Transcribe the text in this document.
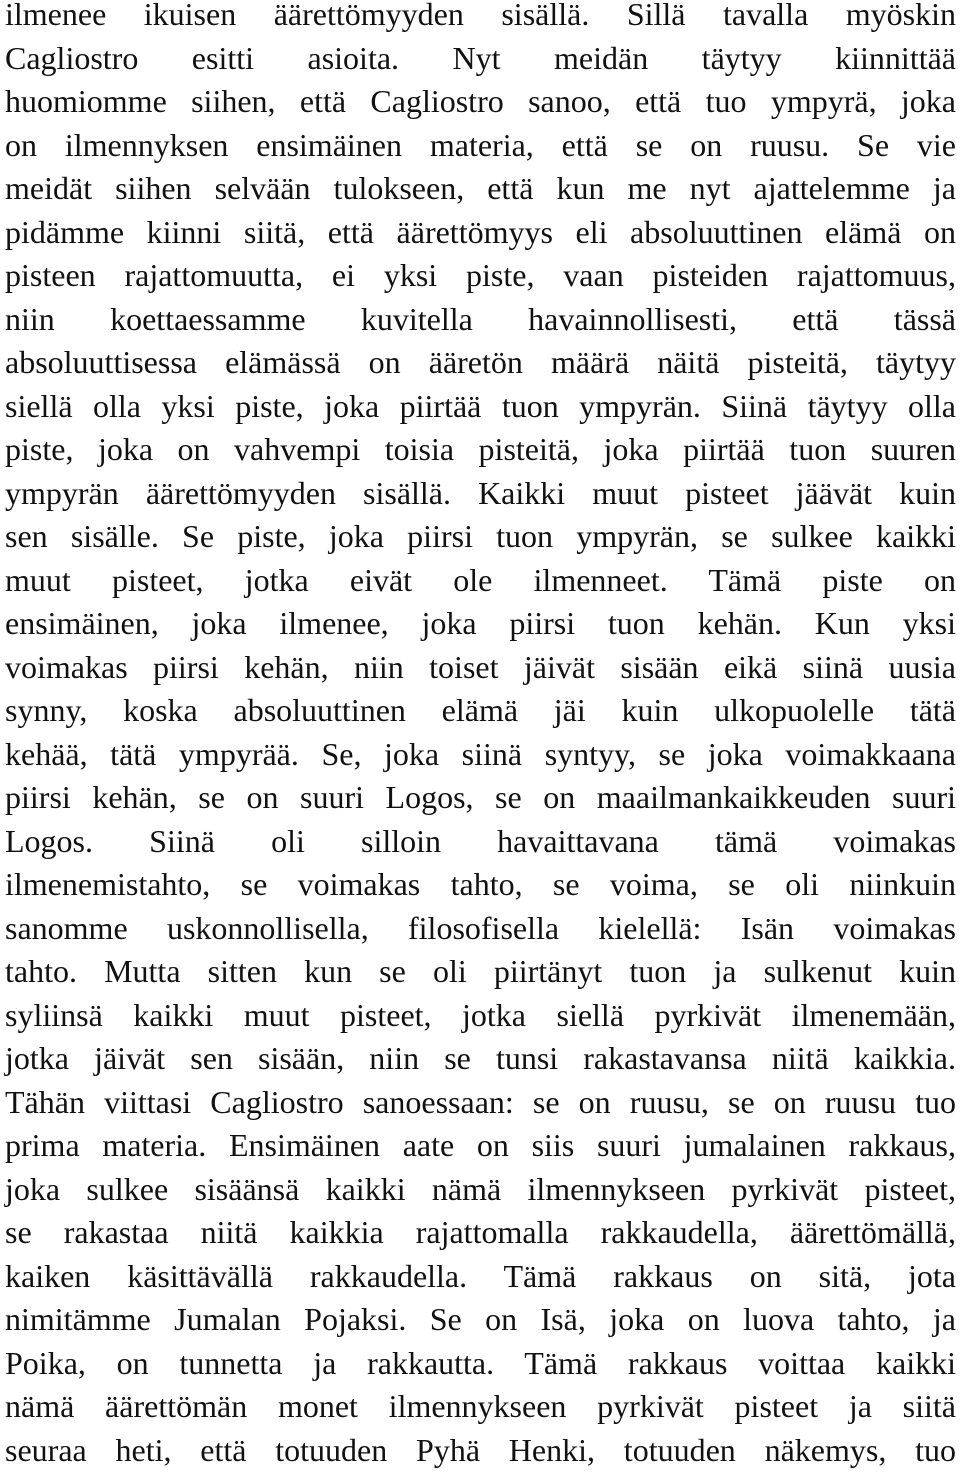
ilmenee ikuisen äärettömyyden sisällä. Sillä tavalla myöskin
Cagliostro esitti asioita. Nyt meidän täytyy kiinnittää
huomiomme siihen, että Cagliostro sanoo, että tuo ympyrä, joka
on ilmennyksen ensimäinen materia, että se on ruusu. Se vie
meidät siihen selvään tulokseen, että kun me nyt ajattelemme ja
pidämme kiinni siitä, että äärettömyys eli absoluuttinen elämä on
pisteen rajattomuutta, ei yksi piste, vaan pisteiden rajattomuus,
niin koettaessamme kuvitella havainnollisesti, että tässä
absoluuttisessa elämässä on ääretön määrä näitä pisteitä, täytyy
siellä olla yksi piste, joka piirtää tuon ympyrän. Siinä täytyy olla
piste, joka on vahvempi toisia pisteitä, joka piirtää tuon suuren
ympyrän äärettömyyden sisällä. Kaikki muut pisteet jäävät kuin
sen sisälle. Se piste, joka piirsi tuon ympyrän, se sulkee kaikki
muut pisteet, jotka eivät ole ilmenneet. Tämä piste on
ensimäinen, joka ilmenee, joka piirsi tuon kehän. Kun yksi
voimakas piirsi kehän, niin toiset jäivät sisään eikä siinä uusia
synny, koska absoluuttinen elämä jäi kuin ulkopuolelle tätä
kehää, tätä ympyrää. Se, joka siinä syntyy, se joka voimakkaana
piirsi kehän, se on suuri Logos, se on maailmankaikkeuden suuri
Logos. Siinä oli silloin havaittavana tämä voimakas
ilmenemistahto, se voimakas tahto, se voima, se oli niinkuin
sanomme uskonnollisella, filosofisella kielellä: Isän voimakas
tahto. Mutta sitten kun se oli piirtänyt tuon ja sulkenut kuin
syliinsä kaikki muut pisteet, jotka siellä pyrkivät ilmenemään,
jotka jäivät sen sisään, niin se tunsi rakastavansa niitä kaikkia.
Tähän viittasi Cagliostro sanoessaan: se on ruusu, se on ruusu tuo
prima materia. Ensimäinen aate on siis suuri jumalainen rakkaus,
joka sulkee sisäänsä kaikki nämä ilmennykseen pyrkivät pisteet,
se rakastaa niitä kaikkia rajattomalla rakkaudella, äärettömällä,
kaiken käsittävällä rakkaudella. Tämä rakkaus on sitä, jota
nimitämme Jumalan Pojaksi. Se on Isä, joka on luova tahto, ja
Poika, on tunnetta ja rakkautta. Tämä rakkaus voittaa kaikki
nämä äärettömän monet ilmennykseen pyrkivät pisteet ja siitä
seuraa heti, että totuuden Pyhä Henki, totuuden näkemys, tuo
